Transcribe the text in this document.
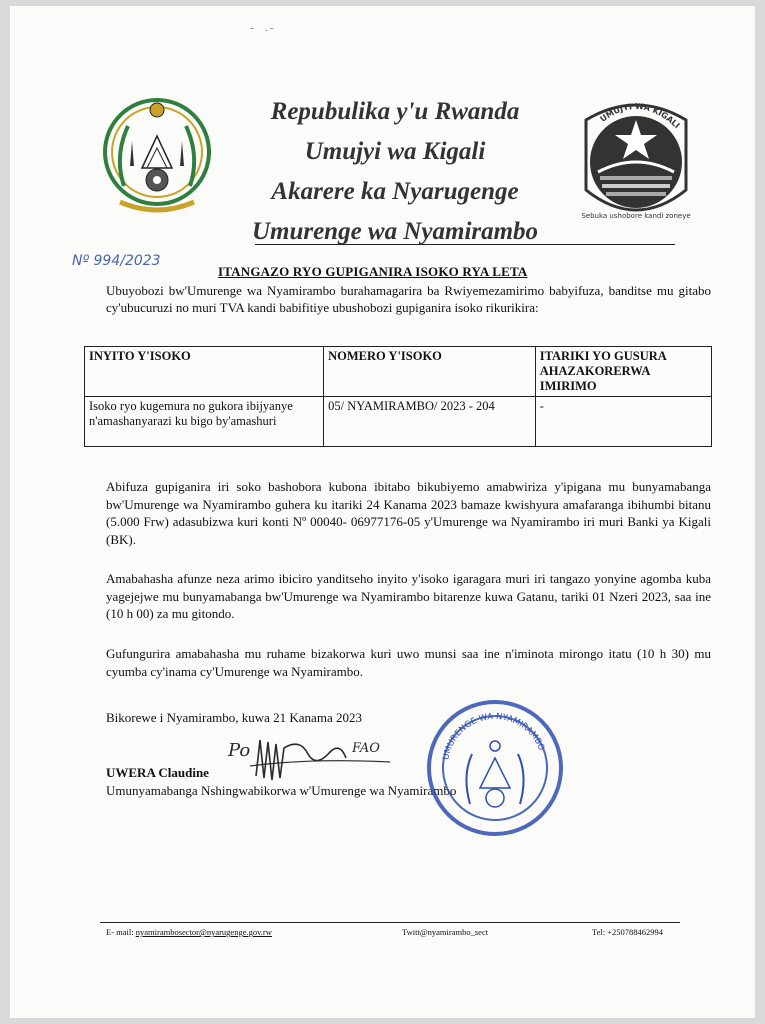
-  .-
UMUJYI WA KIGALI
Sebuka ushobore kandi zoneye
Repubulika y'u Rwanda
Umujyi wa Kigali
Akarere ka Nyarugenge
Umurenge wa Nyamirambo
Nº 994/2023
ITANGAZO RYO GUPIGANIRA ISOKO RYA LETA
Ubuyobozi bw'Umurenge wa Nyamirambo burahamagarira ba Rwiyemezamirimo babyifuza, banditse mu gitabo cy'ubucuruzi no muri TVA kandi babifitiye ubushobozi gupiganira isoko rikurikira:
INYITO Y'ISOKO	NOMERO Y'ISOKO	ITARIKI YO GUSURA AHAZAKORERWA IMIRIMO
Isoko ryo kugemura no gukora ibijyanye n'amashanyarazi ku bigo by'amashuri	05/ NYAMIRAMBO/ 2023 - 204	-
Abifuza gupiganira iri soko bashobora kubona ibitabo bikubiyemo amabwiriza y'ipigana mu bunyamabanga bw'Umurenge wa Nyamirambo guhera ku itariki 24 Kanama 2023 bamaze kwishyura amafaranga ibihumbi bitanu (5.000 Frw) adasubizwa kuri konti Nº 00040- 06977176-05 y'Umurenge wa Nyamirambo iri muri Banki ya Kigali (BK).
Amabahasha afunze neza arimo ibiciro yanditseho inyito y'isoko igaragara muri iri tangazo yonyine agomba kuba yagejejwe mu bunyamabanga bw'Umurenge wa Nyamirambo bitarenze kuwa Gatanu, tariki 01 Nzeri 2023, saa ine (10 h 00) za mu gitondo.
Gufungurira amabahasha mu ruhame bizakorwa kuri uwo munsi saa ine n'iminota mirongo itatu (10 h 30) mu cyumba cy'inama cy'Umurenge wa Nyamirambo.
Bikorewe i Nyamirambo, kuwa 21 Kanama 2023
Po	FAO
UWERA Claudine
Umunyamabanga Nshingwabikorwa w'Umurenge wa Nyamirambo
UMURENGE WA NYAMIRAMBO
E- mail: nyamirambosector@nyarugenge.gov.rw	Twitt@nyamirambo_sect	Tel: +250788462994
